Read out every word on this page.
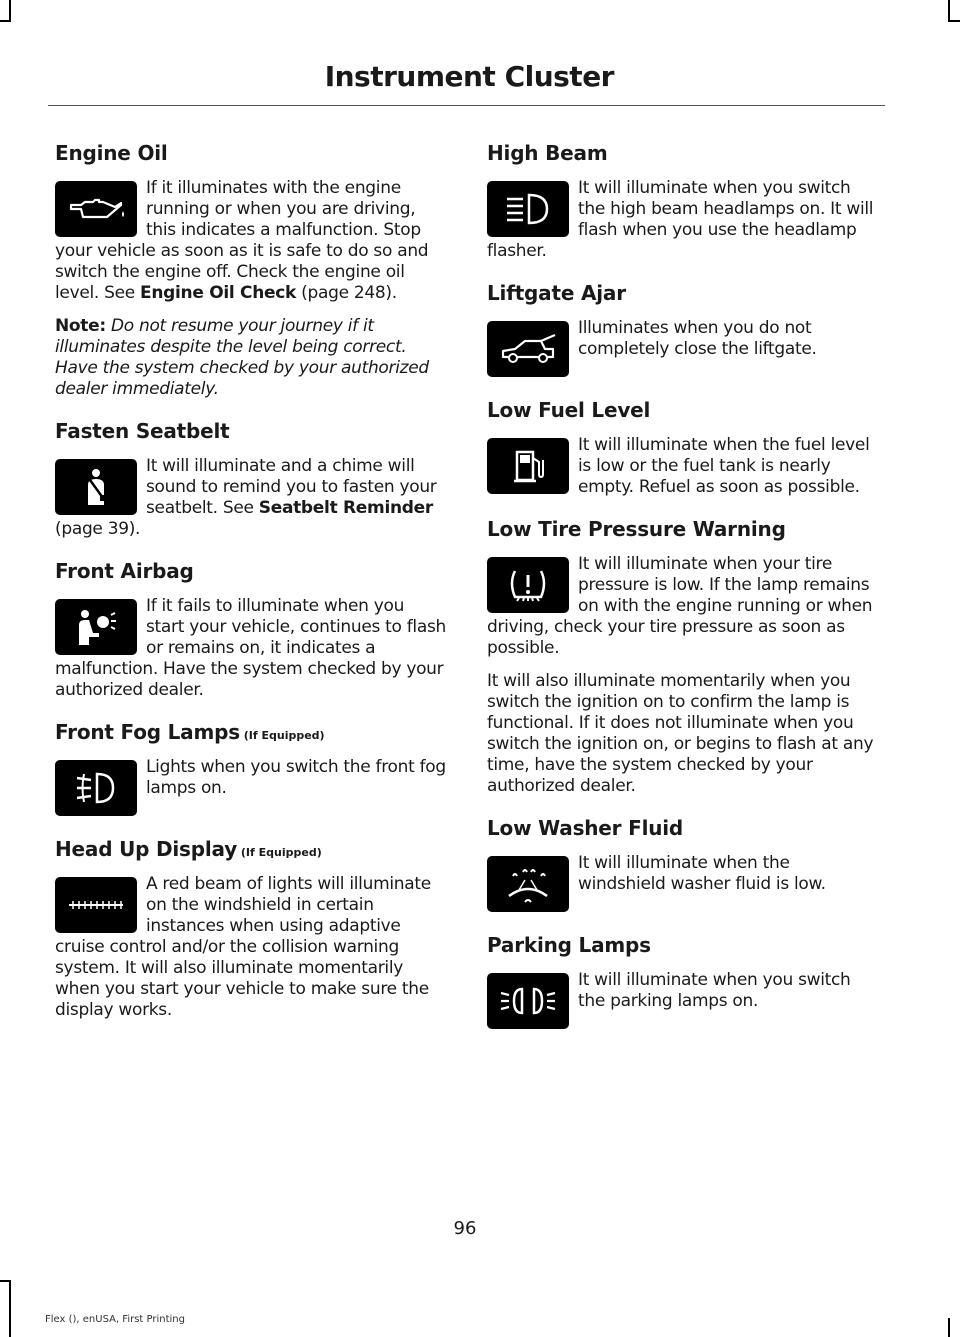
Instrument Cluster
Engine Oil

If it illuminates with the engine running or when you are driving, this indicates a malfunction. Stop your vehicle as soon as it is safe to do so and switch the engine off. Check the engine oil level. See Engine Oil Check (page 248).

Note: Do not resume your journey if it illuminates despite the level being correct. Have the system checked by your authorized dealer immediately.

Fasten Seatbelt

It will illuminate and a chime will sound to remind you to fasten your seatbelt. See Seatbelt Reminder (page 39).

Front Airbag

If it fails to illuminate when you start your vehicle, continues to flash or remains on, it indicates a malfunction. Have the system checked by your authorized dealer.

Front Fog Lamps (If Equipped)

Lights when you switch the front fog lamps on.

Head Up Display (If Equipped)

A red beam of lights will illuminate on the windshield in certain instances when using adaptive cruise control and/or the collision warning system. It will also illuminate momentarily when you start your vehicle to make sure the display works.

High Beam

It will illuminate when you switch the high beam headlamps on. It will flash when you use the headlamp flasher.

Liftgate Ajar

Illuminates when you do not completely close the liftgate.

Low Fuel Level

It will illuminate when the fuel level is low or the fuel tank is nearly empty. Refuel as soon as possible.

Low Tire Pressure Warning

It will illuminate when your tire pressure is low. If the lamp remains on with the engine running or when driving, check your tire pressure as soon as possible.

It will also illuminate momentarily when you switch the ignition on to confirm the lamp is functional. If it does not illuminate when you switch the ignition on, or begins to flash at any time, have the system checked by your authorized dealer.

Low Washer Fluid

It will illuminate when the windshield washer fluid is low.

Parking Lamps

It will illuminate when you switch the parking lamps on.

96
Flex (), enUSA, First Printing
